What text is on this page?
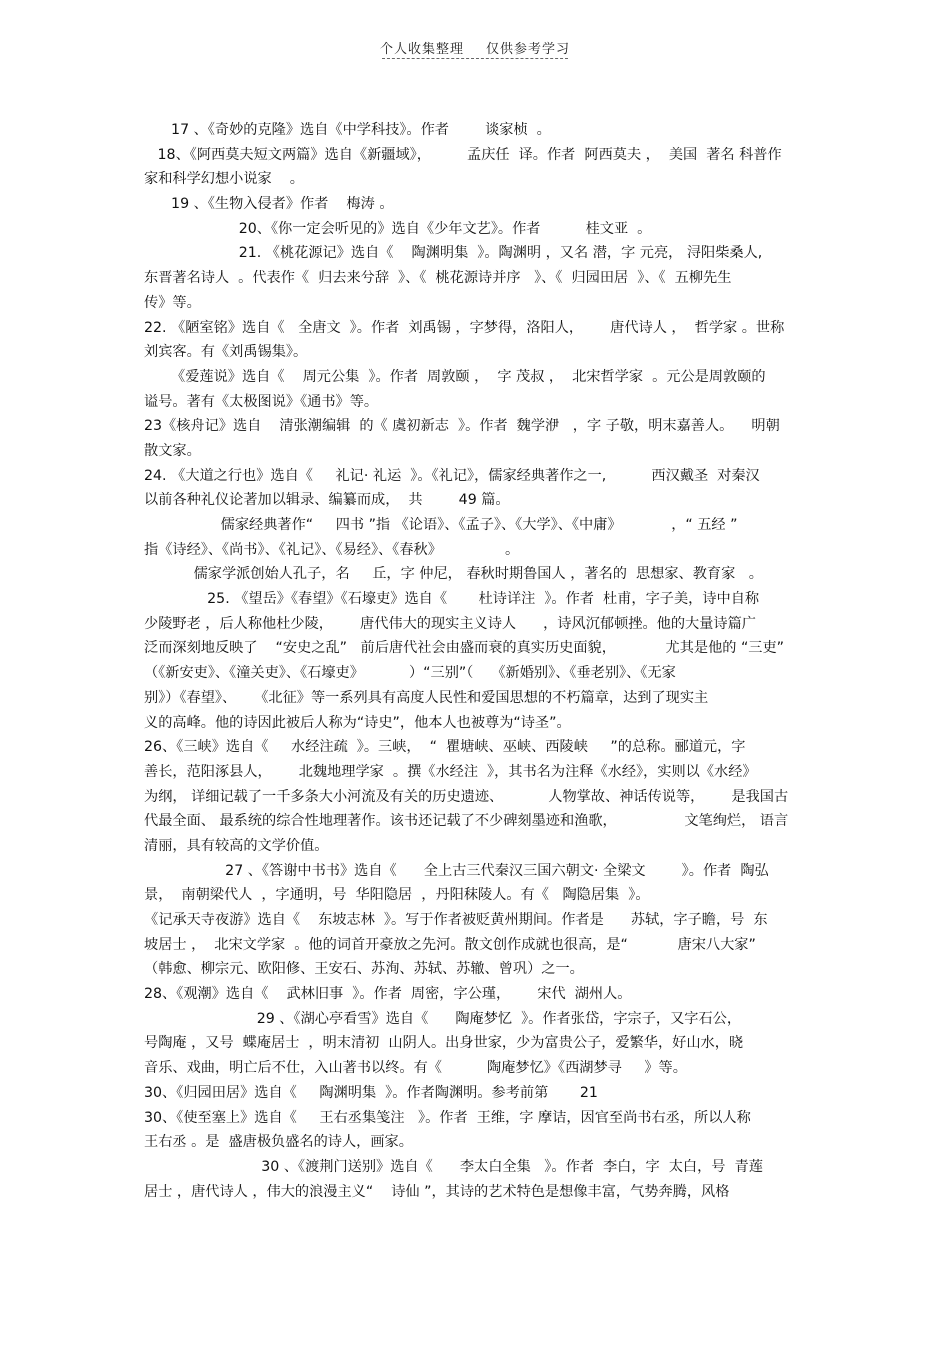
个人收集整理 仅供参考学习
17 、《奇妙的克隆》选自《中学科技》。作者        谈家桢  。
18、《阿西莫夫短文两篇》选自《新疆域》，        孟庆任  译。作者  阿西莫夫 ，  美国  著名 科普作
家和科学幻想小说家    。
19 、《生物入侵者》作者    梅涛 。
20、《你一定会听见的》选自《少年文艺》。作者          桂文亚  。
21. 《桃花源记》选自《    陶渊明集  》。陶渊明 ，又名 潜，字 元亮， 浔阳柴桑人,
东晋著名诗人  。代表作《  归去来兮辞  》、《  桃花源诗并序   》、《  归园田居  》、《  五柳先生
传》等。
22. 《陋室铭》选自《   全唐文  》。作者  刘禹锡 ，字梦得，洛阳人，      唐代诗人 ，  哲学家 。世称
刘宾客。有《刘禹锡集》。
《爱莲说》选自《    周元公集  》。作者  周敦颐 ，  字 茂叔 ，  北宋哲学家  。元公是周敦颐的
谥号。著有《太极图说》《通书》等。
23《核舟记》选自    清张潮编辑  的《 虞初新志  》。作者  魏学洢   ，字 子敬，明末嘉善人。    明朝
散文家。
24. 《大道之行也》选自《     礼记· 礼运  》。《礼记》，儒家经典著作之一,          西汉戴圣  对秦汉
以前各种礼仪论著加以辑录、编纂而成，  共        49 篇。
儒家经典著作“     四书 ”指 《论语》、《孟子》、《大学》、《中庸》           ，“ 五经 ”
指《诗经》、《尚书》、《礼记》、《易经》、《春秋》              。
儒家学派创始人孔子，名     丘，字 仲尼， 春秋时期鲁国人 ，著名的  思想家、教育家   。
25. 《望岳》《春望》《石壕吏》选自《       杜诗详注  》。作者  杜甫，字子美，诗中自称
少陵野老 ，后人称他杜少陵，      唐代伟大的现实主义诗人      ，诗风沉郁顿挫。他的大量诗篇广
泛而深刻地反映了    “安史之乱”   前后唐代社会由盛而衰的真实历史面貌，           尤其是他的 “三吏”
（《新安吏》、《潼关吏》、《石壕吏》          ）“三别”（    《新婚别》、《垂老别》、《无家
别》）《春望》、    《北征》等一系列具有高度人民性和爱国思想的不朽篇章，达到了现实主
义的高峰。他的诗因此被后人称为“诗史”，他本人也被尊为“诗圣”。
26、《三峡》选自《     水经注疏  》。三峡，  “  瞿塘峡、巫峡、西陵峡     ”的总称。郦道元，字
善长，范阳涿县人，      北魏地理学家  。撰《水经注  》，其书名为注释《水经》，实则以《水经》
为纲， 详细记载了一千多条大小河流及有关的历史遗迹、          人物掌故、神话传说等，      是我国古
代最全面、 最系统的综合性地理著作。该书还记载了不少碑刻墨迹和渔歌，               文笔绚烂， 语言
清丽，具有较高的文学价值。
27 、《答谢中书书》选自《      全上古三代秦汉三国六朝文· 全梁文        》。作者  陶弘
景，  南朝梁代人  ，字通明，号  华阳隐居  ，丹阳秣陵人。有《   陶隐居集  》。
《记承天寺夜游》选自《    东坡志林  》。写于作者被贬黄州期间。作者是      苏轼，字子瞻，号  东
坡居士 ，  北宋文学家  。他的词首开豪放之先河。散文创作成就也很高，是“           唐宋八大家”
（韩愈、柳宗元、欧阳修、王安石、苏洵、苏轼、苏辙、曾巩）之一。
28、《观潮》选自《    武林旧事  》。作者  周密，字公瑾，      宋代  湖州人。
29 、《湖心亭看雪》选自《      陶庵梦忆  》。作者张岱，字宗子，又字石公，
号陶庵 ，又号  蝶庵居士  ，明末清初  山阴人。出身世家，少为富贵公子，爱繁华，好山水，晓
音乐、戏曲，明亡后不仕，入山著书以终。有《          陶庵梦忆》《西湖梦寻     》等。
30、《归园田居》选自《     陶渊明集  》。作者陶渊明。参考前第       21
30、《使至塞上》选自《     王右丞集笺注   》。作者  王维，字 摩诘，因官至尚书右丞，所以人称
王右丞 。是  盛唐极负盛名的诗人，画家。
30 、《渡荆门送别》选自《      李太白全集   》。作者  李白，字  太白，号  青莲
居士 ，唐代诗人 ，伟大的浪漫主义“    诗仙 ”，其诗的艺术特色是想像丰富，气势奔腾，风格
